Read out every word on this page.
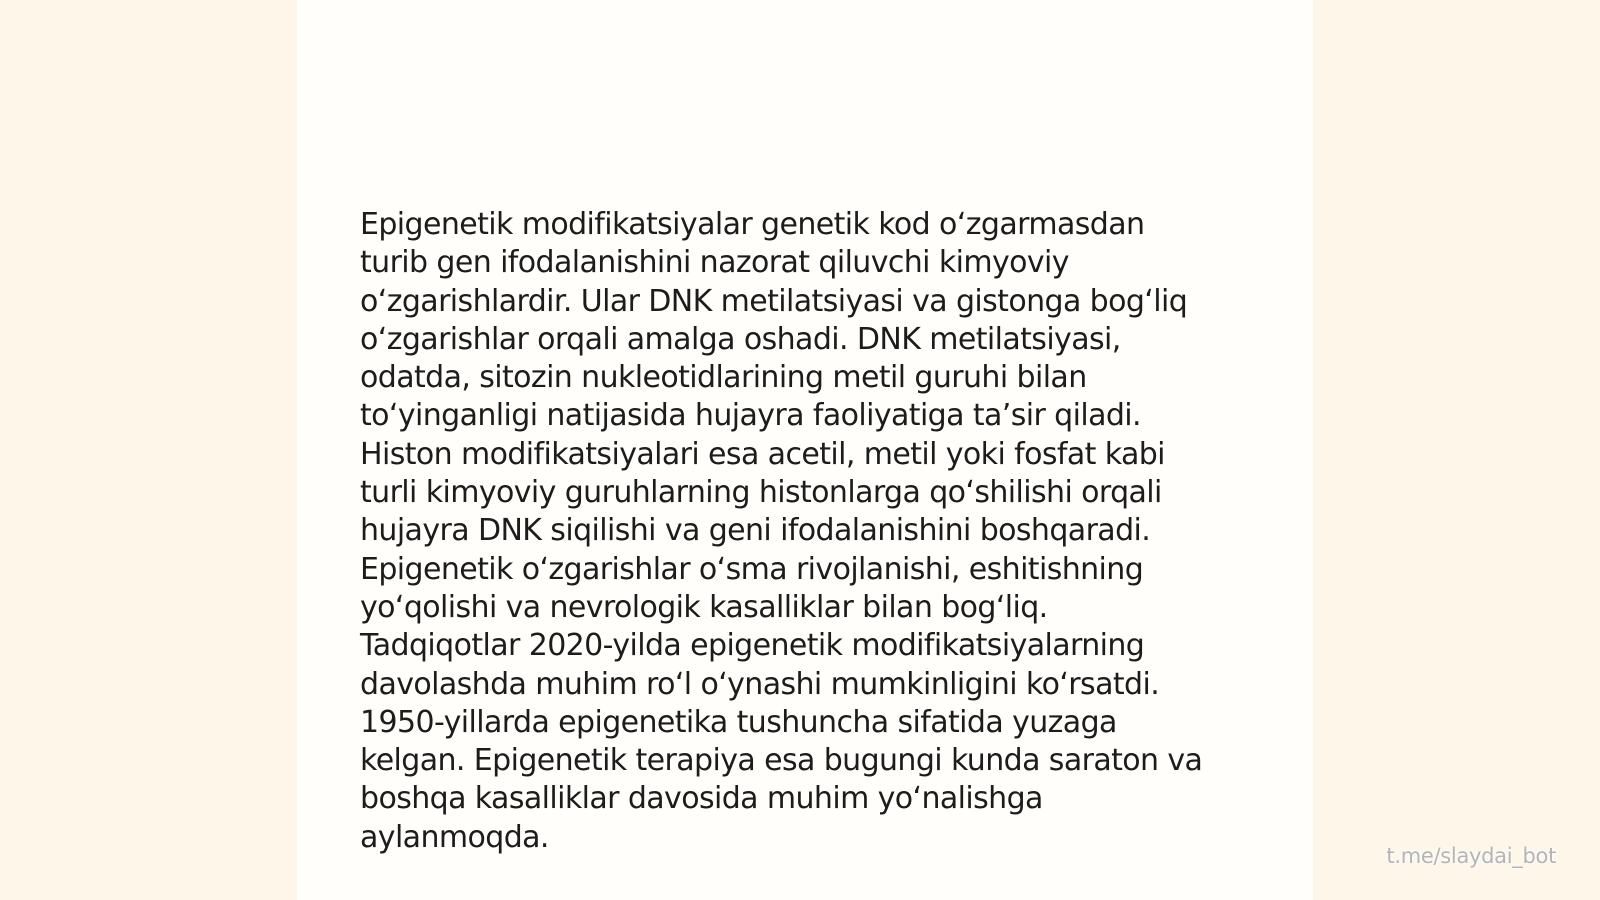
Epigenetik modifikatsiyalar genetik kod oʻzgarmasdan
turib gen ifodalanishini nazorat qiluvchi kimyoviy
oʻzgarishlardir. Ular DNK metilatsiyasi va gistonga bogʻliq
oʻzgarishlar orqali amalga oshadi. DNK metilatsiyasi,
odatda, sitozin nukleotidlarining metil guruhi bilan
toʻyinganligi natijasida hujayra faoliyatiga taʼsir qiladi.
Histon modifikatsiyalari esa acetil, metil yoki fosfat kabi
turli kimyoviy guruhlarning histonlarga qoʻshilishi orqali
hujayra DNK siqilishi va geni ifodalanishini boshqaradi.
Epigenetik oʻzgarishlar oʻsma rivojlanishi, eshitishning
yoʻqolishi va nevrologik kasalliklar bilan bogʻliq.
Tadqiqotlar 2020-yilda epigenetik modifikatsiyalarning
davolashda muhim roʻl oʻynashi mumkinligini koʻrsatdi.
1950-yillarda epigenetika tushuncha sifatida yuzaga
kelgan. Epigenetik terapiya esa bugungi kunda saraton va
boshqa kasalliklar davosida muhim yoʻnalishga
aylanmoqda.

t.me/slaydai_bot
